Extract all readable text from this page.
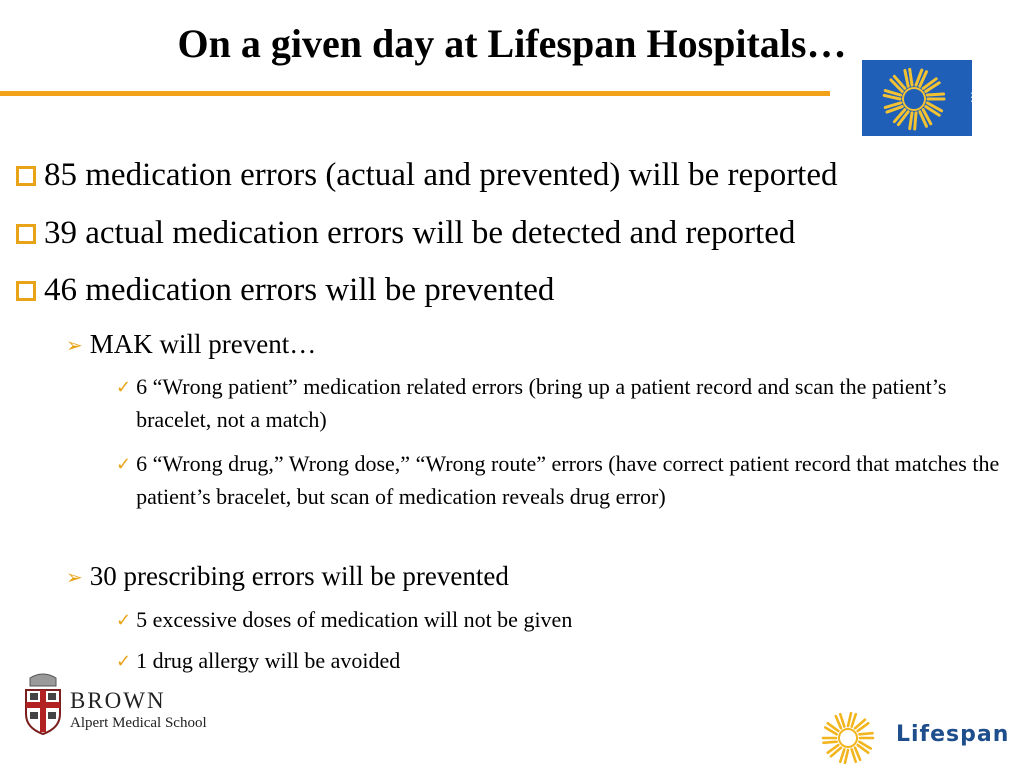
On a given day at Lifespan Hospitals…
⋮
85 medication errors (actual and prevented) will be reported
39 actual medication errors will be detected and reported
46 medication errors will be prevented
➢ MAK will prevent…
✓ 6 “Wrong patient” medication related errors (bring up a patient record and scan the patient’s bracelet, not a match)
✓ 6 “Wrong drug,” Wrong dose,” “Wrong route” errors (have correct patient record that matches the patient’s bracelet, but scan of medication reveals drug error)
➢ 30 prescribing errors will be prevented
✓ 5 excessive doses of medication will not be given
✓ 1 drug allergy will be avoided
BROWN
Alpert Medical School	Lifespan
